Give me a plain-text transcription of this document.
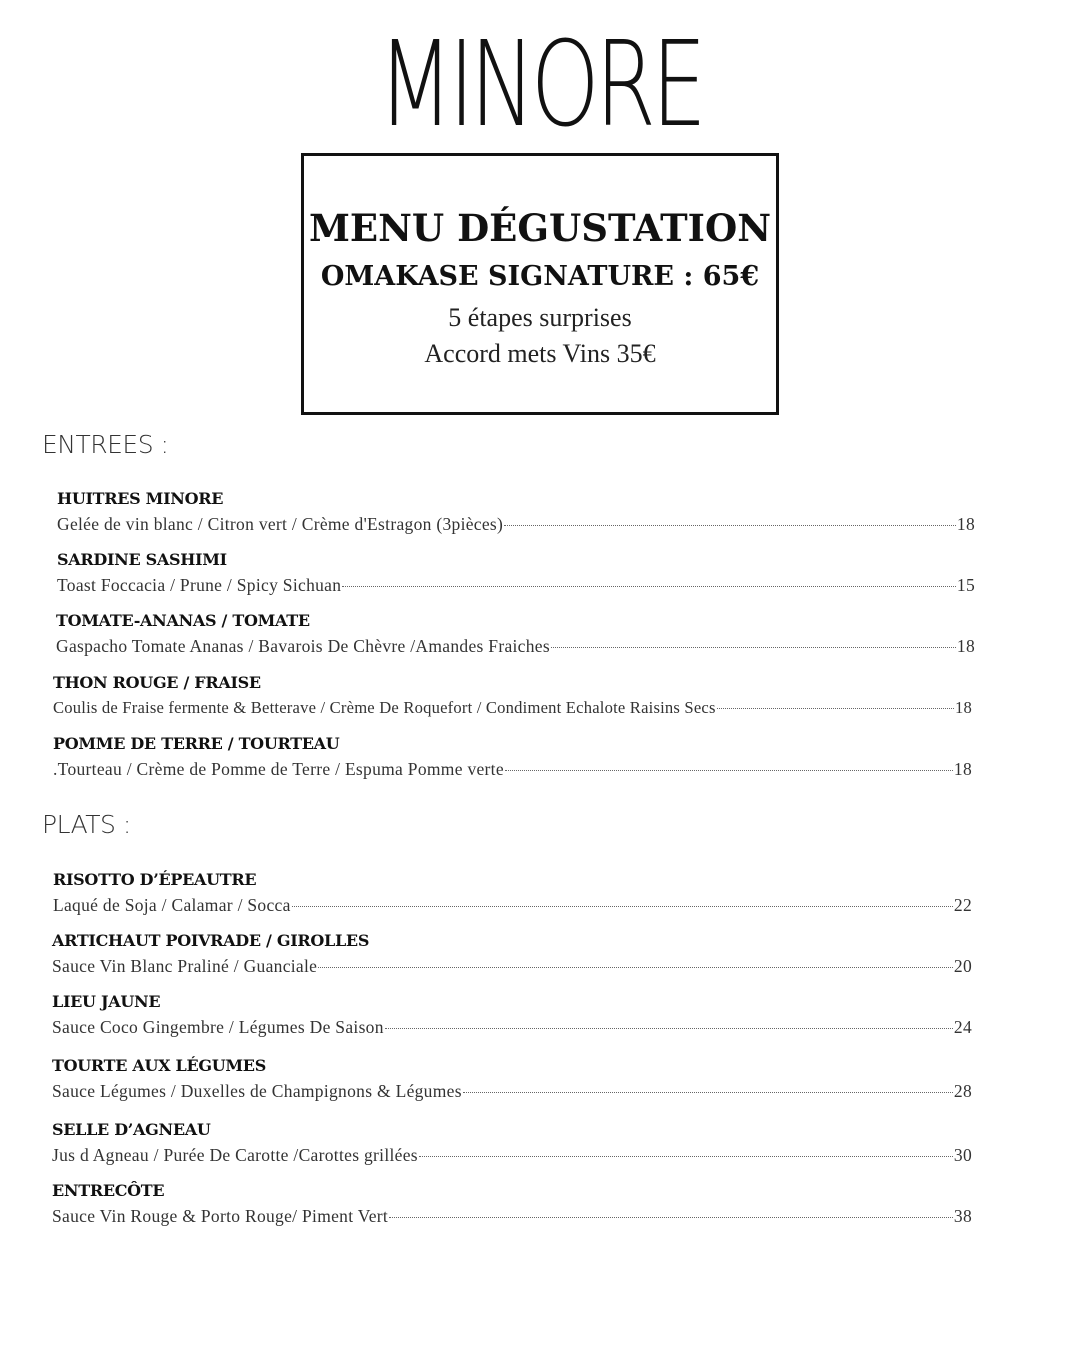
MINORE
MENU DÉGUSTATION
OMAKASE SIGNATURE : 65€
5 étapes surprises
Accord mets Vins 35€
ENTREES :
HUITRES MINORE
Gelée de vin blanc / Citron vert / Crème d'Estragon (3pièces)	18
SARDINE SASHIMI
Toast Foccacia / Prune / Spicy Sichuan	15
TOMATE-ANANAS / TOMATE
Gaspacho Tomate Ananas / Bavarois De Chèvre /Amandes Fraiches	18
THON ROUGE / FRAISE
Coulis de Fraise fermente & Betterave / Crème De Roquefort / Condiment Echalote Raisins Secs	18
POMME DE TERRE / TOURTEAU
.Tourteau / Crème de Pomme de Terre / Espuma Pomme verte	18
PLATS :
RISOTTO D’ÉPEAUTRE
Laqué de Soja / Calamar / Socca	22
ARTICHAUT POIVRADE / GIROLLES
Sauce Vin Blanc Praliné / Guanciale	20
LIEU JAUNE
Sauce Coco Gingembre / Légumes De Saison	24
TOURTE AUX LÉGUMES
Sauce Légumes / Duxelles de Champignons & Légumes	28
SELLE D’AGNEAU
Jus d Agneau / Purée De Carotte /Carottes grillées	30
ENTRECÔTE
Sauce Vin Rouge & Porto Rouge/ Piment Vert	38
